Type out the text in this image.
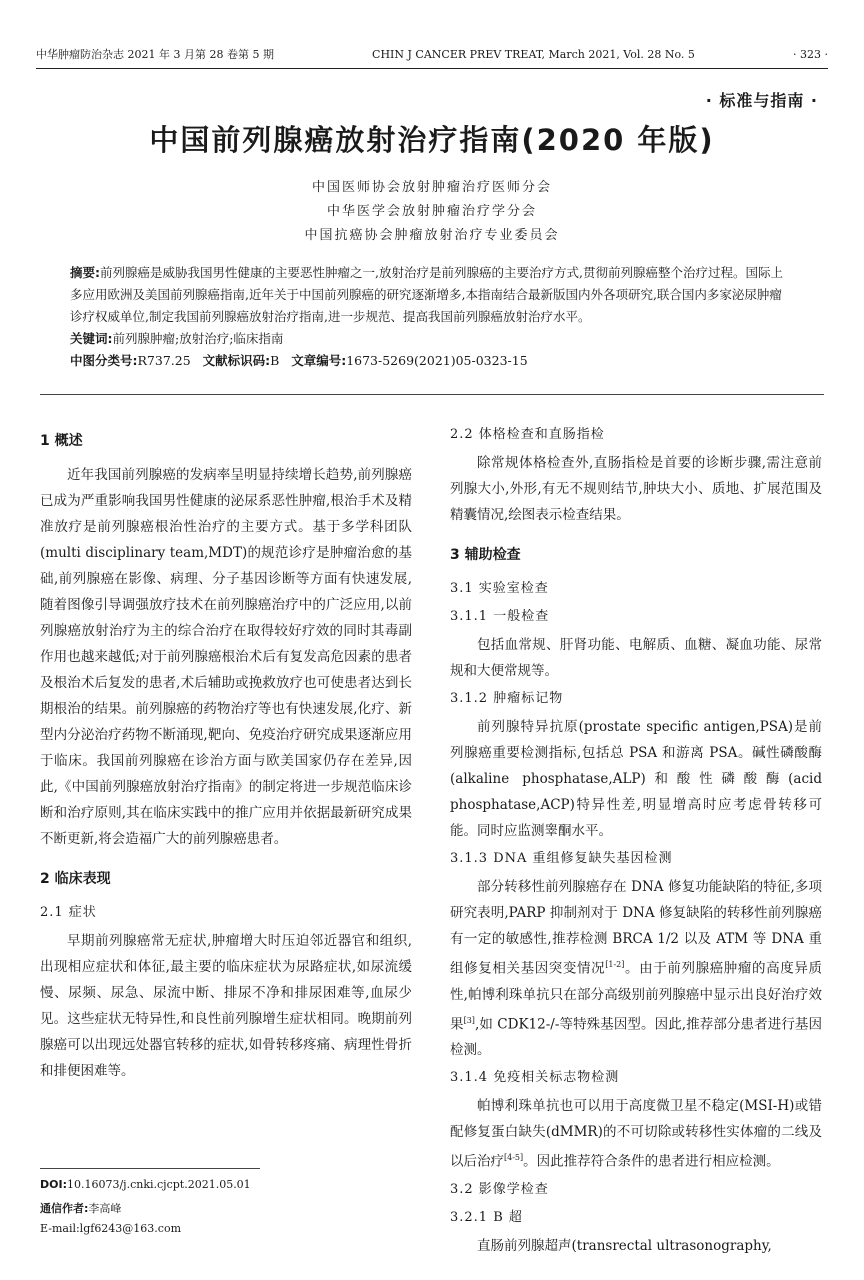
中华肿瘤防治杂志 2021 年 3 月第 28 卷第 5 期	CHIN J CANCER PREV TREAT, March 2021, Vol. 28 No. 5	· 323 ·
· 标准与指南 ·
中国前列腺癌放射治疗指南(2020 年版)
中国医师协会放射肿瘤治疗医师分会
中华医学会放射肿瘤治疗学分会
中国抗癌协会肿瘤放射治疗专业委员会

摘要:前列腺癌是威胁我国男性健康的主要恶性肿瘤之一,放射治疗是前列腺癌的主要治疗方式,贯彻前列腺癌整个治疗过程。国际上多应用欧洲及美国前列腺癌指南,近年关于中国前列腺癌的研究逐渐增多,本指南结合最新版国内外各项研究,联合国内多家泌尿肿瘤诊疗权威单位,制定我国前列腺癌放射治疗指南,进一步规范、提高我国前列腺癌放射治疗水平。

关键词:前列腺肿瘤;放射治疗;临床指南

中图分类号:R737.25 文献标识码:B 文章编号:1673-5269(2021)05-0323-15

1 概述

近年我国前列腺癌的发病率呈明显持续增长趋势,前列腺癌已成为严重影响我国男性健康的泌尿系恶性肿瘤,根治手术及精准放疗是前列腺癌根治性治疗的主要方式。基于多学科团队(multi disciplinary team,MDT)的规范诊疗是肿瘤治愈的基础,前列腺癌在影像、病理、分子基因诊断等方面有快速发展,随着图像引导调强放疗技术在前列腺癌治疗中的广泛应用,以前列腺癌放射治疗为主的综合治疗在取得较好疗效的同时其毒副作用也越来越低;对于前列腺癌根治术后有复发高危因素的患者及根治术后复发的患者,术后辅助或挽救放疗也可使患者达到长期根治的结果。前列腺癌的药物治疗等也有快速发展,化疗、新型内分泌治疗药物不断涌现,靶向、免疫治疗研究成果逐渐应用于临床。我国前列腺癌在诊治方面与欧美国家仍存在差异,因此,《中国前列腺癌放射治疗指南》的制定将进一步规范临床诊断和治疗原则,其在临床实践中的推广应用并依据最新研究成果不断更新,将会造福广大的前列腺癌患者。

2 临床表现
2.1 症状

早期前列腺癌常无症状,肿瘤增大时压迫邻近器官和组织,出现相应症状和体征,最主要的临床症状为尿路症状,如尿流缓慢、尿频、尿急、尿流中断、排尿不净和排尿困难等,血尿少见。这些症状无特异性,和良性前列腺增生症状相同。晚期前列腺癌可以出现远处器官转移的症状,如骨转移疼痛、病理性骨折和排便困难等。

2.2 体格检查和直肠指检

除常规体格检查外,直肠指检是首要的诊断步骤,需注意前列腺大小,外形,有无不规则结节,肿块大小、质地、扩展范围及精囊情况,绘图表示检查结果。

3 辅助检查
3.1 实验室检查
3.1.1 一般检查

包括血常规、肝肾功能、电解质、血糖、凝血功能、尿常规和大便常规等。

3.1.2 肿瘤标记物

前列腺特异抗原(prostate specific antigen,PSA)是前列腺癌重要检测指标,包括总 PSA 和游离 PSA。碱性磷酸酶(alkaline phosphatase,ALP)和酸性磷酸酶(acid phosphatase,ACP)特异性差,明显增高时应考虑骨转移可能。同时应监测睾酮水平。

3.1.3 DNA 重组修复缺失基因检测

部分转移性前列腺癌存在 DNA 修复功能缺陷的特征,多项研究表明,PARP 抑制剂对于 DNA 修复缺陷的转移性前列腺癌有一定的敏感性,推荐检测 BRCA 1/2 以及 ATM 等 DNA 重组修复相关基因突变情况[1-2]。由于前列腺癌肿瘤的高度异质性,帕博利珠单抗只在部分高级别前列腺癌中显示出良好治疗效果[3],如 CDK12-/-等特殊基因型。因此,推荐部分患者进行基因检测。

3.1.4 免疫相关标志物检测

帕博利珠单抗也可以用于高度微卫星不稳定(MSI-H)或错配修复蛋白缺失(dMMR)的不可切除或转移性实体瘤的二线及以后治疗[4-5]。因此推荐符合条件的患者进行相应检测。

3.2 影像学检查
3.2.1 B 超

直肠前列腺超声(transrectal ultrasonography,

DOI:10.16073/j.cnki.cjcpt.2021.05.01
通信作者:李高峰
E-mail:lgf6243@163.com
